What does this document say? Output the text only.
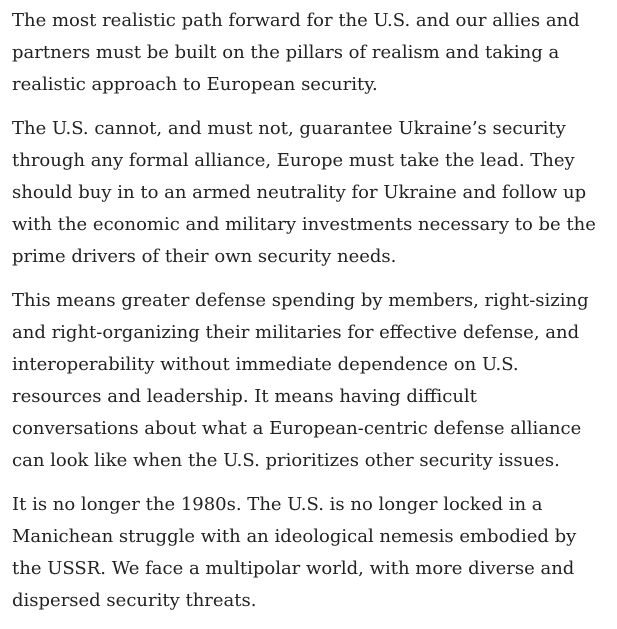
The most realistic path forward for the U.S. and our allies and
partners must be built on the pillars of realism and taking a
realistic approach to European security.

The U.S. cannot, and must not, guarantee Ukraine’s security
through any formal alliance, Europe must take the lead. They
should buy in to an armed neutrality for Ukraine and follow up
with the economic and military investments necessary to be the
prime drivers of their own security needs.

This means greater defense spending by members, right-sizing
and right-organizing their militaries for effective defense, and
interoperability without immediate dependence on U.S.
resources and leadership. It means having difficult
conversations about what a European-centric defense alliance
can look like when the U.S. prioritizes other security issues.

It is no longer the 1980s. The U.S. is no longer locked in a
Manichean struggle with an ideological nemesis embodied by
the USSR. We face a multipolar world, with more diverse and
dispersed security threats.
